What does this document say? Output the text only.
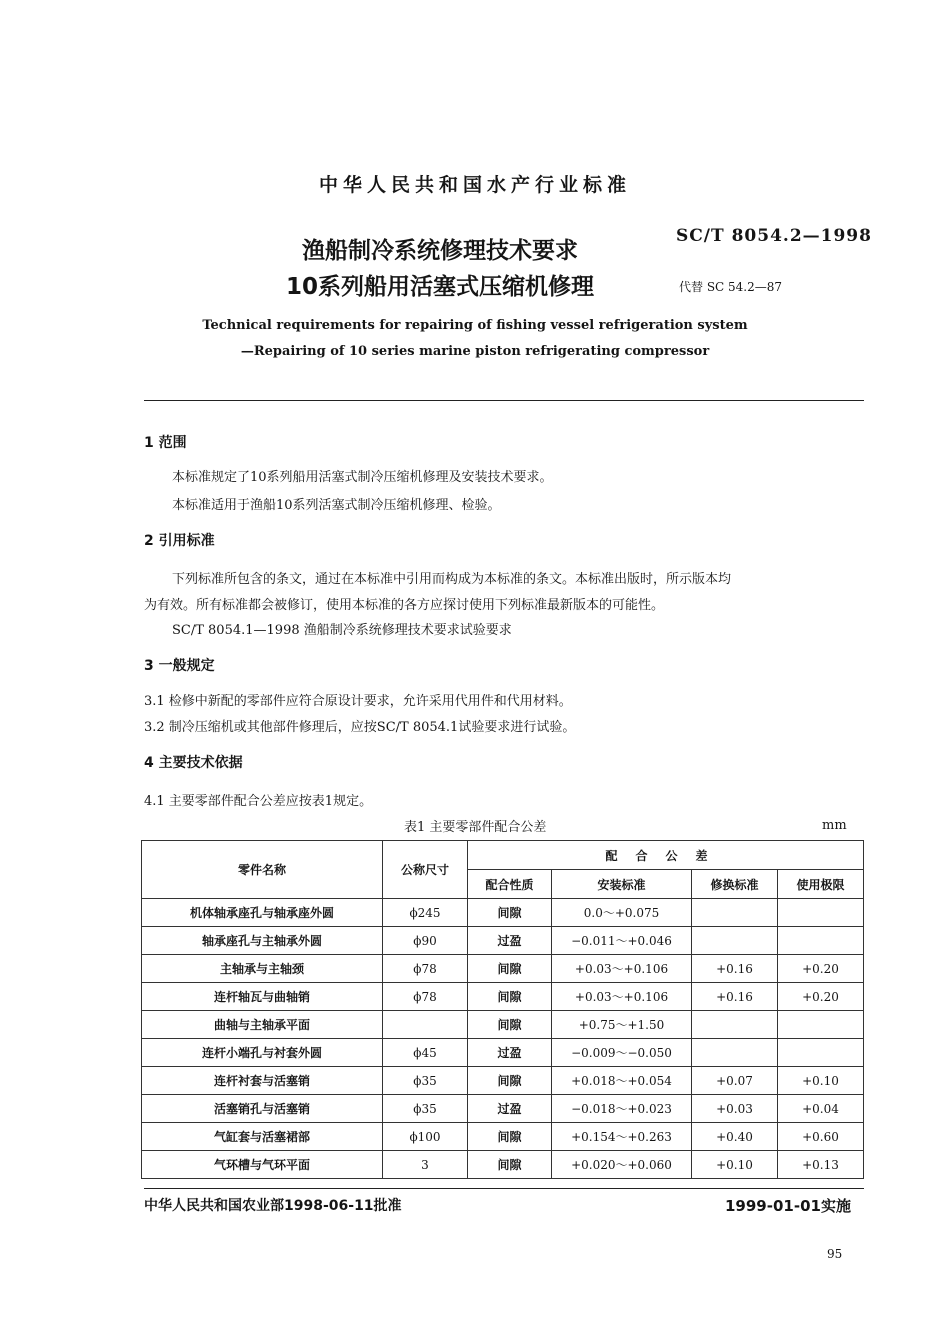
中华人民共和国水产行业标准
渔船制冷系统修理技术要求
10系列船用活塞式压缩机修理
SC/T 8054.2—1998
代替 SC 54.2—87
Technical requirements for repairing of fishing vessel refrigeration system
—Repairing of 10 series marine piston refrigerating compressor
1 范围
本标准规定了10系列船用活塞式制冷压缩机修理及安装技术要求。
本标准适用于渔船10系列活塞式制冷压缩机修理、检验。
2 引用标准
下列标准所包含的条文，通过在本标准中引用而构成为本标准的条文。本标准出版时，所示版本均
为有效。所有标准都会被修订，使用本标准的各方应探讨使用下列标准最新版本的可能性。
SC/T 8054.1—1998 渔船制冷系统修理技术要求试验要求
3 一般规定
3.1 检修中新配的零部件应符合原设计要求，允许采用代用件和代用材料。
3.2 制冷压缩机或其他部件修理后，应按SC/T 8054.1试验要求进行试验。
4 主要技术依据
4.1 主要零部件配合公差应按表1规定。
表1 主要零部件配合公差	mm
零件名称	公称尺寸	配合公差			
		配合性质	安装标准	修换标准	使用极限
机体轴承座孔与轴承座外圆	ϕ245	间隙	0.0～+0.075		
轴承座孔与主轴承外圆	ϕ90	过盈	−0.011～+0.046		
主轴承与主轴颈	ϕ78	间隙	+0.03～+0.106	+0.16	+0.20
连杆轴瓦与曲轴销	ϕ78	间隙	+0.03～+0.106	+0.16	+0.20
曲轴与主轴承平面		间隙	+0.75～+1.50		
连杆小端孔与衬套外圆	ϕ45	过盈	−0.009～−0.050		
连杆衬套与活塞销	ϕ35	间隙	+0.018～+0.054	+0.07	+0.10
活塞销孔与活塞销	ϕ35	过盈	−0.018～+0.023	+0.03	+0.04
气缸套与活塞裙部	ϕ100	间隙	+0.154～+0.263	+0.40	+0.60
气环槽与气环平面	3	间隙	+0.020～+0.060	+0.10	+0.13
中华人民共和国农业部1998-06-11批准	1999-01-01实施
95
